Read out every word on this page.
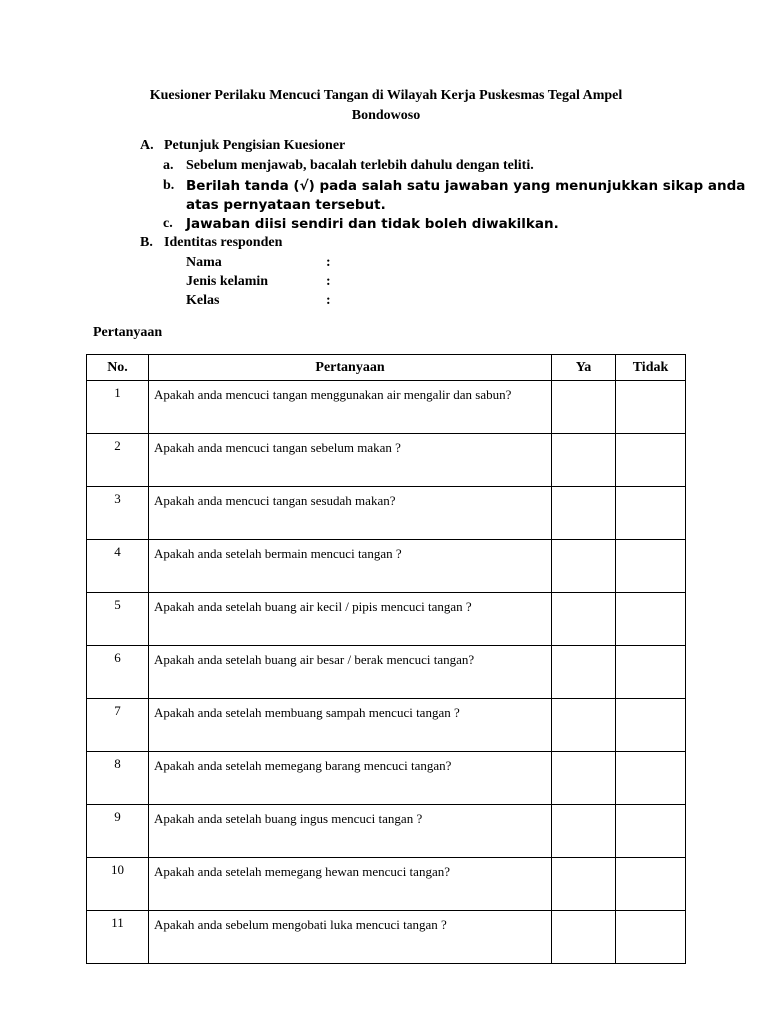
Kuesioner Perilaku Mencuci Tangan di Wilayah Kerja Puskesmas Tegal Ampel
Bondowoso
A. Petunjuk Pengisian Kuesioner
a. Sebelum menjawab, bacalah terlebih dahulu dengan teliti.
b. Berilah tanda (√) pada salah satu jawaban yang menunjukkan sikap anda
atas pernyataan tersebut.
c. Jawaban diisi sendiri dan tidak boleh diwakilkan.
B. Identitas responden
Nama	:
Jenis kelamin	:
Kelas	:
Pertanyaan
No.	Pertanyaan	Ya	Tidak
1	Apakah anda mencuci tangan menggunakan air mengalir dan sabun?		
2	Apakah anda mencuci tangan sebelum makan ?		
3	Apakah anda mencuci tangan sesudah makan?		
4	Apakah anda setelah bermain mencuci tangan ?		
5	Apakah anda setelah buang air kecil / pipis mencuci tangan ?		
6	Apakah anda setelah buang air besar / berak mencuci tangan?		
7	Apakah anda setelah membuang sampah mencuci tangan ?		
8	Apakah anda setelah memegang barang mencuci tangan?		
9	Apakah anda setelah buang ingus mencuci tangan ?		
10	Apakah anda setelah memegang hewan mencuci tangan?		
11	Apakah anda sebelum mengobati luka mencuci tangan ?		
